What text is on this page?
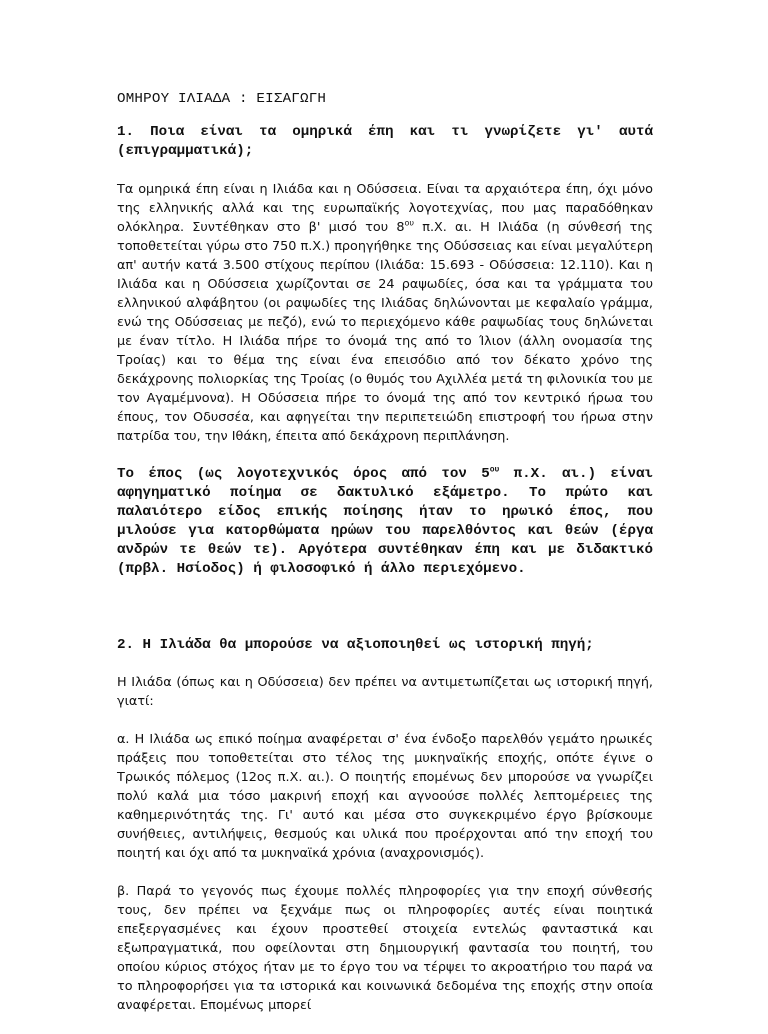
ΟΜΗΡΟΥ ΙΛΙΑΔΑ : ΕΙΣΑΓΩΓΗ
1. Ποια είναι τα ομηρικά έπη και τι γνωρίζετε γι' αυτά (επιγραμματικά);
Τα ομηρικά έπη είναι η Ιλιάδα και η Οδύσσεια. Είναι τα αρχαιότερα έπη, όχι μόνο της ελληνικής αλλά και της ευρωπαϊκής λογοτεχνίας, που μας παραδόθηκαν ολόκληρα. Συντέθηκαν στο β' μισό του $8^{o\upsilon}$ π.Χ. αι. Η Ιλιάδα (η σύνθεσή της τοποθετείται γύρω στο 750 π.Χ.) προηγήθηκε της Οδύσσειας και είναι μεγαλύτερη απ' αυτήν κατά 3.500 στίχους περίπου (Ιλιάδα: 15.693 - Οδύσσεια: 12.110). Και η Ιλιάδα και η Οδύσσεια χωρίζονται σε 24 ραψωδίες, όσα και τα γράμματα του ελληνικού αλφάβητου (οι ραψωδίες της Ιλιάδας δηλώνονται με κεφαλαίο γράμμα, ενώ της Οδύσσειας με πεζό), ενώ το περιεχόμενο κάθε ραψωδίας τους δηλώνεται με έναν τίτλο. Η Ιλιάδα πήρε το όνομά της από το Ίλιον (άλλη ονομασία της Τροίας) και το θέμα της είναι ένα επεισόδιο από τον δέκατο χρόνο της δεκάχρονης πολιορκίας της Τροίας (ο θυμός του Αχιλλέα μετά τη φιλονικία του με τον Αγαμέμνονα). Η Οδύσσεια πήρε το όνομά της από τον κεντρικό ήρωα του έπους, τον Οδυσσέα, και αφηγείται την περιπετειώδη επιστροφή του ήρωα στην πατρίδα του, την Ιθάκη, έπειτα από δεκάχρονη περιπλάνηση.
Το έπος (ως λογοτεχνικός όρος από τον $5^{o\upsilon}$ π.Χ. αι.) είναι αφηγηματικό ποίημα σε δακτυλικό εξάμετρο. Το πρώτο και παλαιότερο είδος επικής ποίησης ήταν το ηρωικό έπος, που μιλούσε για κατορθώματα ηρώων του παρελθόντος και θεών (έργα ανδρών τε θεών τε). Αργότερα συντέθηκαν έπη και με διδακτικό (πρβλ. Ησίοδος) ή φιλοσοφικό ή άλλο περιεχόμενο.
2. Η Ιλιάδα θα μπορούσε να αξιοποιηθεί ως ιστορική πηγή;
Η Ιλιάδα (όπως και η Οδύσσεια) δεν πρέπει να αντιμετωπίζεται ως ιστορική πηγή, γιατί:
α. Η Ιλιάδα ως επικό ποίημα αναφέρεται σ' ένα ένδοξο παρελθόν γεμάτο ηρωικές πράξεις που τοποθετείται στο τέλος της μυκηναϊκής εποχής, οπότε έγινε ο Τρωικός πόλεμος (12ος π.Χ. αι.). Ο ποιητής επομένως δεν μπορούσε να γνωρίζει πολύ καλά μια τόσο μακρινή εποχή και αγνοούσε πολλές λεπτομέρειες της καθημερινότητάς της. Γι' αυτό και μέσα στο συγκεκριμένο έργο βρίσκουμε συνήθειες, αντιλήψεις, θεσμούς και υλικά που προέρχονται από την εποχή του ποιητή και όχι από τα μυκηναϊκά χρόνια (αναχρονισμός).
β. Παρά το γεγονός πως έχουμε πολλές πληροφορίες για την εποχή σύνθεσής τους, δεν πρέπει να ξεχνάμε πως οι πληροφορίες αυτές είναι ποιητικά επεξεργασμένες και έχουν προστεθεί στοιχεία εντελώς φανταστικά και εξωπραγματικά, που οφείλονται στη δημιουργική φαντασία του ποιητή, του οποίου κύριος στόχος ήταν με το έργο του να τέρψει το ακροατήριο του παρά να το πληροφορήσει για τα ιστορικά και κοινωνικά δεδομένα της εποχής στην οποία αναφέρεται. Επομένως μπορεί
